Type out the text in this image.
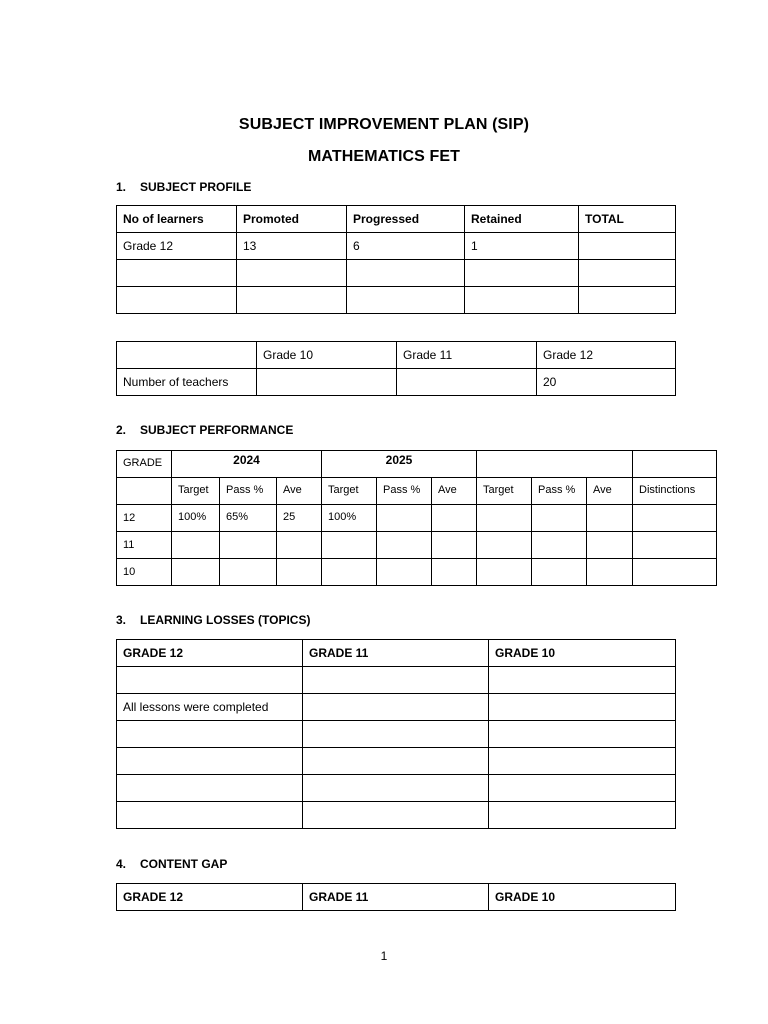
SUBJECT IMPROVEMENT PLAN (SIP)
MATHEMATICS FET
1. SUBJECT PROFILE
No of learners	Promoted	Progressed	Retained	TOTAL
Grade 12	13	6	1	

	Grade 10	Grade 11	Grade 12
Number of teachers			20
2. SUBJECT PERFORMANCE
GRADE	2024			2025						
	Target	Pass %	Ave	Target	Pass %	Ave	Target	Pass %	Ave	Distinctions
12	100%	65%	25	100%						
11										
10										
3. LEARNING LOSSES (TOPICS)
GRADE 12	GRADE 11	GRADE 10

All lessons were completed		

4. CONTENT GAP
GRADE 12	GRADE 11	GRADE 10
1
